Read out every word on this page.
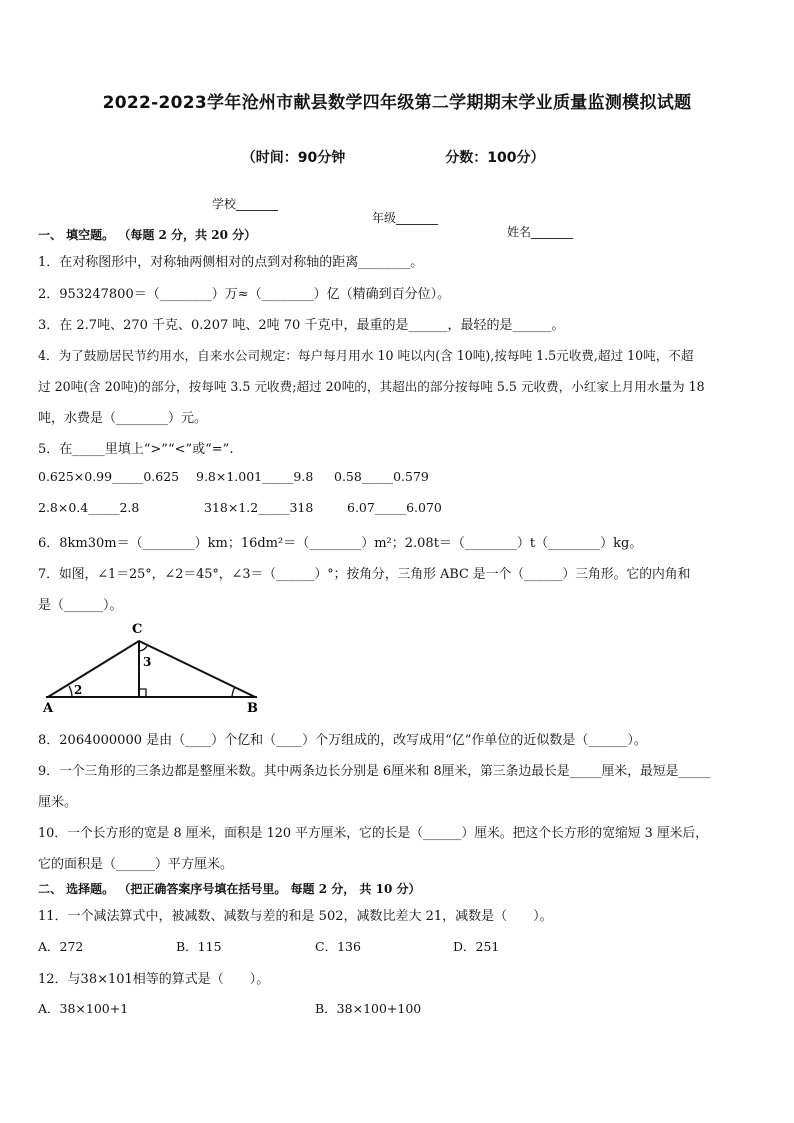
2022-2023学年沧州市献县数学四年级第二学期期末学业质量监测模拟试题

（时间：90分钟	分数：100分）

学校_______

年级_______

姓名_______

一、 填空题。 （每题 2 分，共 20 分）
1．在对称图形中，对称轴两侧相对的点到对称轴的距离________。
2．953247800＝（________）万≈（________）亿（精确到百分位）。
3．在 2.7吨、270 千克、0.207 吨、2吨 70 千克中，最重的是______，最轻的是______。
4．为了鼓励居民节约用水，自来水公司规定：每户每月用水 10 吨以内(含 10吨),按每吨 1.5元收费,超过 10吨，不超
过 20吨(含 20吨)的部分，按每吨 3.5 元收费;超过 20吨的，其超出的部分按每吨 5.5 元收费，小红家上月用水量为 18
吨，水费是（________）元。
5．在_____里填上“>”“<”或“=”.
0.625×0.99_____0.625 9.8×1.001_____9.8 0.58_____0.579
2.8×0.4_____2.8	318×1.2_____318	6.07_____6.070
6．8km30m＝（________）km；16dm²＝（________）m²；2.08t＝（________）t（________）kg。
7．如图，∠1＝25°，∠2＝45°，∠3＝（______）°；按角分，三角形 ABC 是一个（______）三角形。它的内角和
是（______）。
A	B
C
2
3
8．2064000000 是由（____）个亿和（____）个万组成的，改写成用“亿”作单位的近似数是（______）。
9．一个三角形的三条边都是整厘米数。其中两条边长分别是 6厘米和 8厘米，第三条边最长是_____厘米，最短是_____
厘米。
10．一个长方形的宽是 8 厘米，面积是 120 平方厘米，它的长是（______）厘米。把这个长方形的宽缩短 3 厘米后，
它的面积是（______）平方厘米。
二、 选择题。 （把正确答案序号填在括号里。 每题 2 分， 共 10 分）
11．一个减法算式中，被减数、减数与差的和是 502，减数比差大 21，减数是（　　）。
A．272	B．115	C．136	D．251
12．与38×101相等的算式是（　　）。
A．38×100+1	B．38×100+100
